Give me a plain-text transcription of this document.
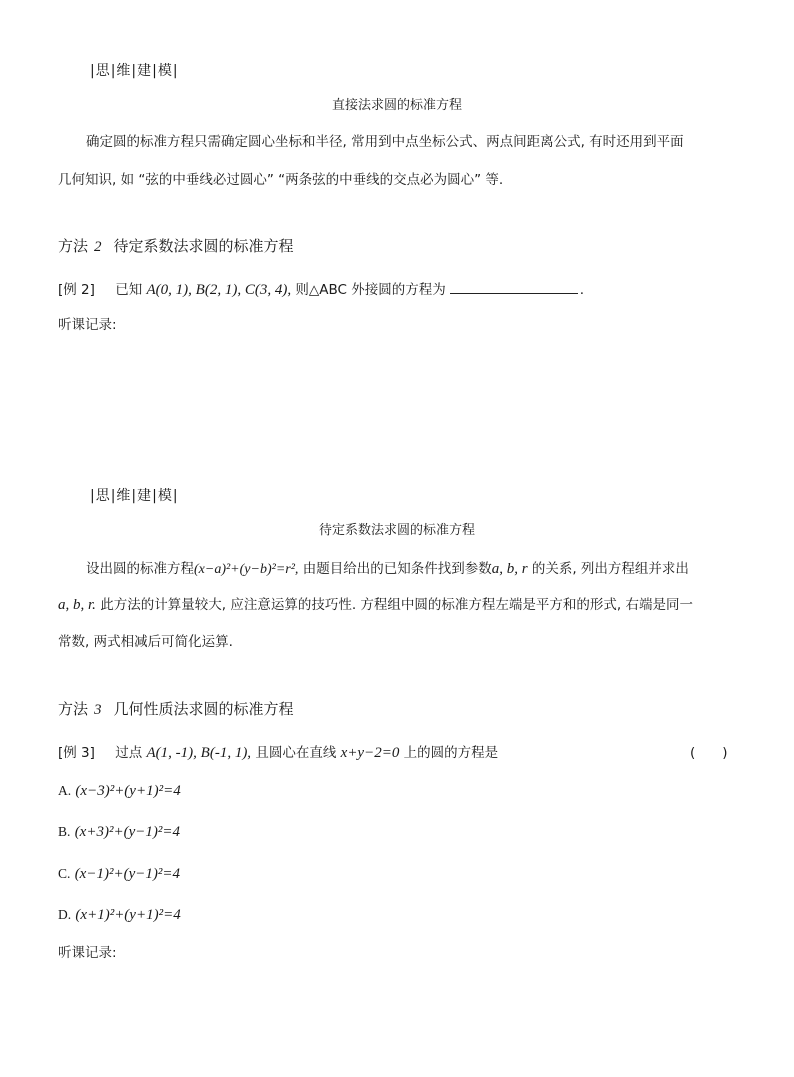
|思|维|建|模|
直接法求圆的标准方程
确定圆的标准方程只需确定圆心坐标和半径, 常用到中点坐标公式、两点间距离公式, 有时还用到平面
几何知识, 如 “弦的中垂线必过圆心” “两条弦的中垂线的交点必为圆心” 等.
方法 2 待定系数法求圆的标准方程
[例 2] 已知 A(0, 1), B(2, 1), C(3, 4), 则△ABC 外接圆的方程为	.
听课记录:
|思|维|建|模|
待定系数法求圆的标准方程
设出圆的标准方程(x−a)²+(y−b)²=r², 由题目给出的已知条件找到参数a, b, r 的关系, 列出方程组并求出
a, b, r. 此方法的计算量较大, 应注意运算的技巧性. 方程组中圆的标准方程左端是平方和的形式, 右端是同一
常数, 两式相减后可简化运算.
方法 3 几何性质法求圆的标准方程
[例 3] 过点 A(1, -1), B(-1, 1), 且圆心在直线 x+y−2=0 上的圆的方程是	(　　)
A. (x−3)²+(y+1)²=4
B. (x+3)²+(y−1)²=4
C. (x−1)²+(y−1)²=4
D. (x+1)²+(y+1)²=4
听课记录:
